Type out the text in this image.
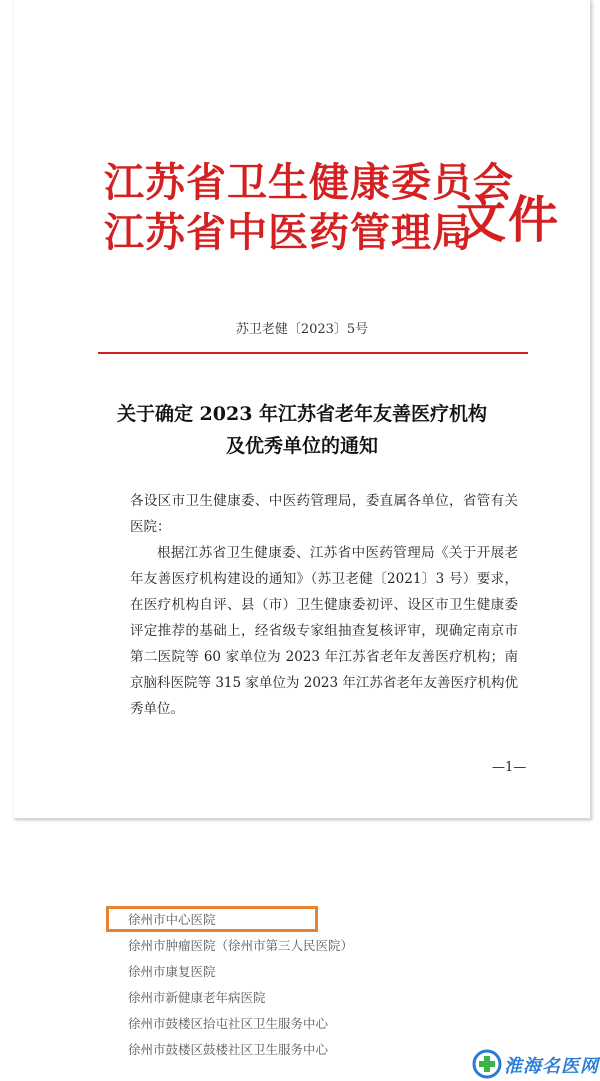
江苏省卫生健康委员会
江苏省中医药管理局
文件
苏卫老健〔2023〕5号
关于确定 2023 年江苏省老年友善医疗机构
及优秀单位的通知

各设区市卫生健康委、中医药管理局，委直属各单位，省管有关医院：

根据江苏省卫生健康委、江苏省中医药管理局《关于开展老年友善医疗机构建设的通知》（苏卫老健〔2021〕3 号）要求，在医疗机构自评、县（市）卫生健康委初评、设区市卫生健康委评定推荐的基础上，经省级专家组抽查复核评审，现确定南京市第二医院等 60 家单位为 2023 年江苏省老年友善医疗机构；南京脑科医院等 315 家单位为 2023 年江苏省老年友善医疗机构优秀单位。

—1—
徐州市中心医院
徐州市肿瘤医院（徐州市第三人民医院）
徐州市康复医院
徐州市新健康老年病医院
徐州市鼓楼区拾屯社区卫生服务中心
徐州市鼓楼区鼓楼社区卫生服务中心
淮海名医网
